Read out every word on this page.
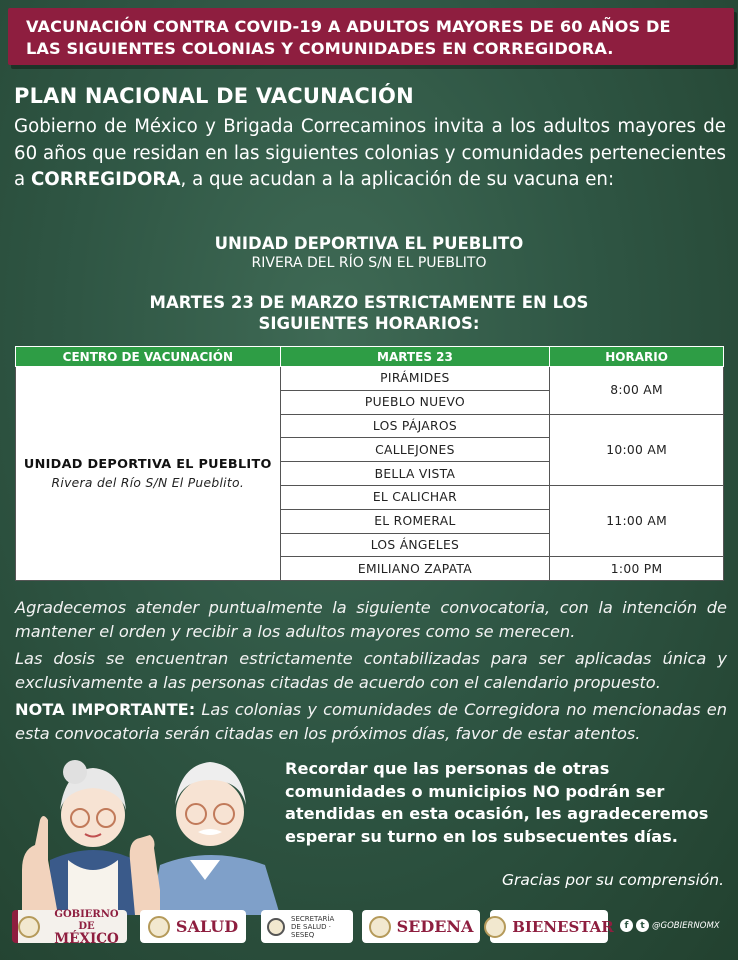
VACUNACIÓN CONTRA COVID-19 A ADULTOS MAYORES DE 60 AÑOS DE
LAS SIGUIENTES COLONIAS Y COMUNIDADES EN CORREGIDORA.
PLAN NACIONAL DE VACUNACIÓN
Gobierno de México y Brigada Correcaminos invita a los adultos mayores de 60 años que residan en las siguientes colonias y comunidades pertenecientes a CORREGIDORA, a que acudan a la aplicación de su vacuna en:
UNIDAD DEPORTIVA EL PUEBLITO
RIVERA DEL RÍO S/N EL PUEBLITO
MARTES 23 DE MARZO ESTRICTAMENTE EN LOS
SIGUIENTES HORARIOS:
CENTRO DE VACUNACIÓN	MARTES 23	HORARIO

UNIDAD DEPORTIVA EL PUEBLITO
Rivera del Río S/N El Pueblito.	PIRÁMIDES	8:00 AM
	PUEBLO NUEVO	
	LOS PÁJAROS	10:00 AM
	CALLEJONES	
	BELLA VISTA	
	EL CALICHAR	11:00 AM
	EL ROMERAL	
	LOS ÁNGELES	
	EMILIANO ZAPATA	1:00 PM
Agradecemos atender puntualmente la siguiente convocatoria, con la intención de mantener el orden y recibir a los adultos mayores como se merecen.
Las dosis se encuentran estrictamente contabilizadas para ser aplicadas única y exclusivamente a las personas citadas de acuerdo con el calendario propuesto.
NOTA IMPORTANTE: Las colonias y comunidades de Corregidora no mencionadas en esta convocatoria serán citadas en los próximos días, favor de estar atentos.
Recordar que las personas de otras comunidades o municipios NO podrán ser atendidas en esta ocasión, les agradeceremos esperar su turno en los subsecuentes días.
Gracias por su comprensión.
GOBIERNO DE
MÉXICO
SALUD	SECRETARÍA
DE SALUD · SESEQ	SEDENA	BIENESTAR	f	t @GOBIERNOMX
